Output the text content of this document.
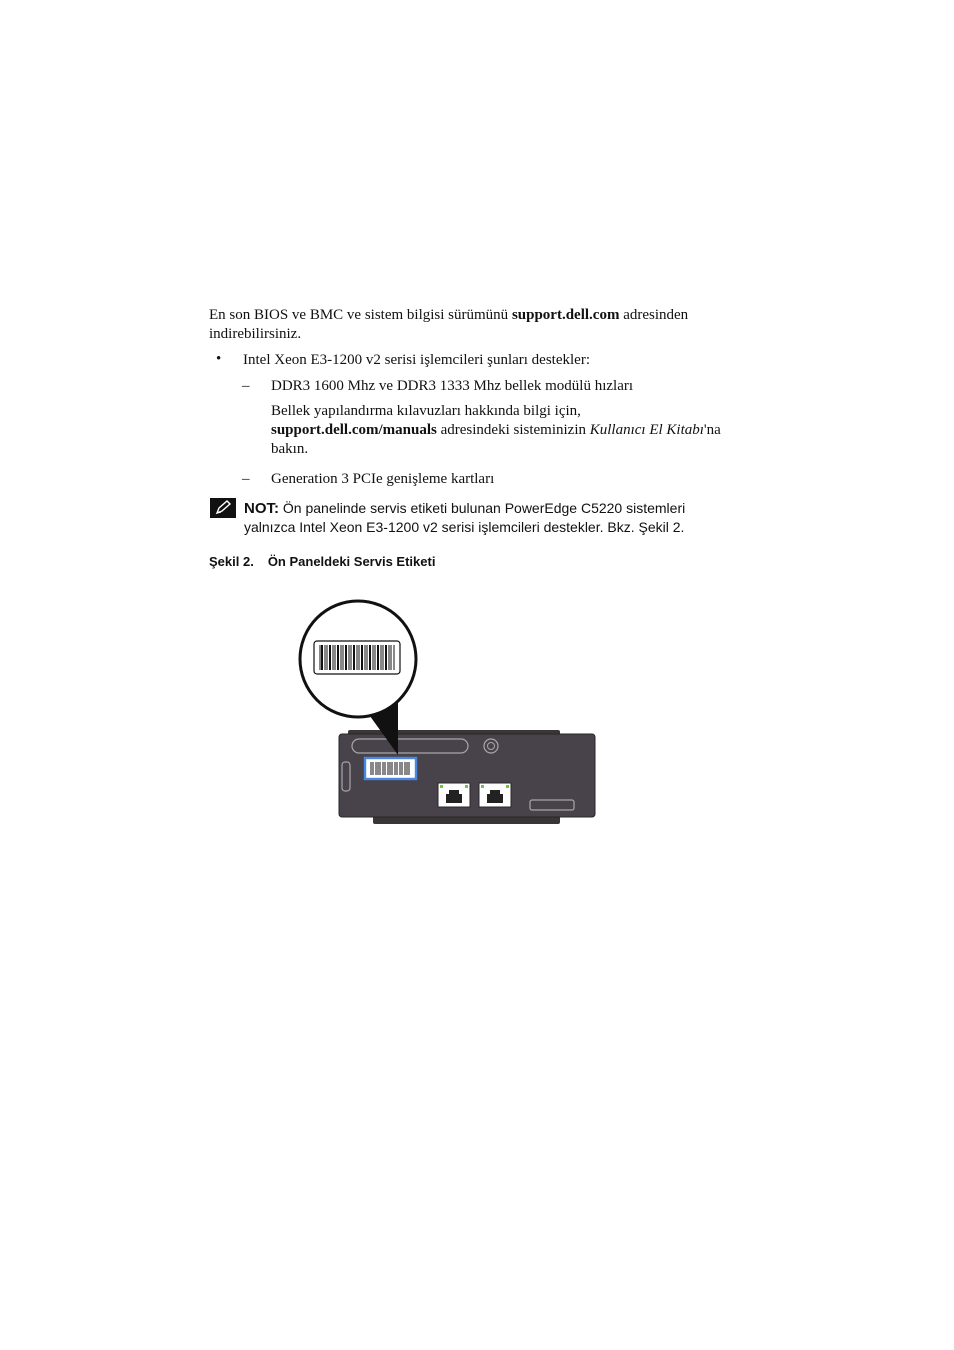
En son BIOS ve BMC ve sistem bilgisi sürümünü support.dell.com adresinden
indirebilirsiniz.
• Intel Xeon E3-1200 v2 serisi işlemcileri şunları destekler:
– DDR3 1600 Mhz ve DDR3 1333 Mhz bellek modülü hızları
Bellek yapılandırma kılavuzları hakkında bilgi için,
support.dell.com/manuals adresindeki sisteminizin Kullanıcı El Kitabı'na
bakın.
– Generation 3 PCIe genişleme kartları
NOT: Ön panelinde servis etiketi bulunan PowerEdge C5220 sistemleri
yalnızca Intel Xeon E3-1200 v2 serisi işlemcileri destekler. Bkz. Şekil 2.
Şekil 2. Ön Paneldeki Servis Etiketi
